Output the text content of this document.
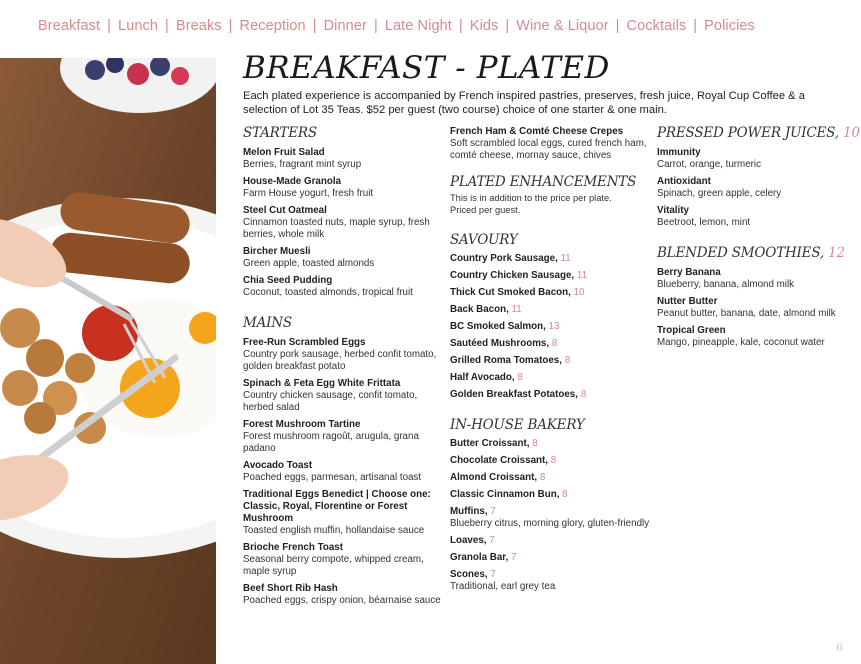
Breakfast | Lunch | Breaks | Reception | Dinner | Late Night | Kids | Wine & Liquor | Cocktails | Policies
BREAKFAST - PLATED
Each plated experience is accompanied by French inspired pastries, preserves, fresh juice, Royal Cup Coffee & a selection of Lot 35 Teas. $52 per guest (two course) choice of one starter & one main.
STARTERS
Melon Fruit Salad
Berries, fragrant mint syrup
House-Made Granola
Farm House yogurt, fresh fruit
Steel Cut Oatmeal
Cinnamon toasted nuts, maple syrup, fresh berries, whole milk
Bircher Muesli
Green apple, toasted almonds
Chia Seed Pudding
Coconut, toasted almonds, tropical fruit
MAINS
Free-Run Scrambled Eggs
Country pork sausage, herbed confit tomato, golden breakfast potato
Spinach & Feta Egg White Frittata
Country chicken sausage, confit tomato, herbed salad
Forest Mushroom Tartine
Forest mushroom ragoût, arugula, grana padano
Avocado Toast
Poached eggs, parmesan, artisanal toast
Traditional Eggs Benedict | Choose one: Classic, Royal, Florentine or Forest Mushroom
Toasted english muffin, hollandaise sauce
Brioche French Toast
Seasonal berry compote, whipped cream, maple syrup
Beef Short Rib Hash
Poached eggs, crispy onion, béarnaise sauce
French Ham & Comté Cheese Crepes
Soft scrambled local eggs, cured french ham, comté cheese, mornay sauce, chives
PLATED ENHANCEMENTS
This is in addition to the price per plate.
Priced per guest.
SAVOURY
Country Pork Sausage, 11
Country Chicken Sausage, 11
Thick Cut Smoked Bacon, 10
Back Bacon, 11
BC Smoked Salmon, 13
Sautéed Mushrooms, 8
Grilled Roma Tomatoes, 8
Half Avocado, 8
Golden Breakfast Potatoes, 8
IN-HOUSE BAKERY
Butter Croissant, 8
Chocolate Croissant, 8
Almond Croissant, 8
Classic Cinnamon Bun, 8
Muffins, 7
Blueberry citrus, morning glory, gluten-friendly
Loaves, 7
Granola Bar, 7
Scones, 7
Traditional, earl grey tea
PRESSED POWER JUICES, 10
Immunity
Carrot, orange, turmeric
Antioxidant
Spinach, green apple, celery
Vitality
Beetroot, lemon, mint
BLENDED SMOOTHIES, 12
Berry Banana
Blueberry, banana, almond milk
Nutter Butter
Peanut butter, banana, date, almond milk
Tropical Green
Mango, pineapple, kale, coconut water
6
